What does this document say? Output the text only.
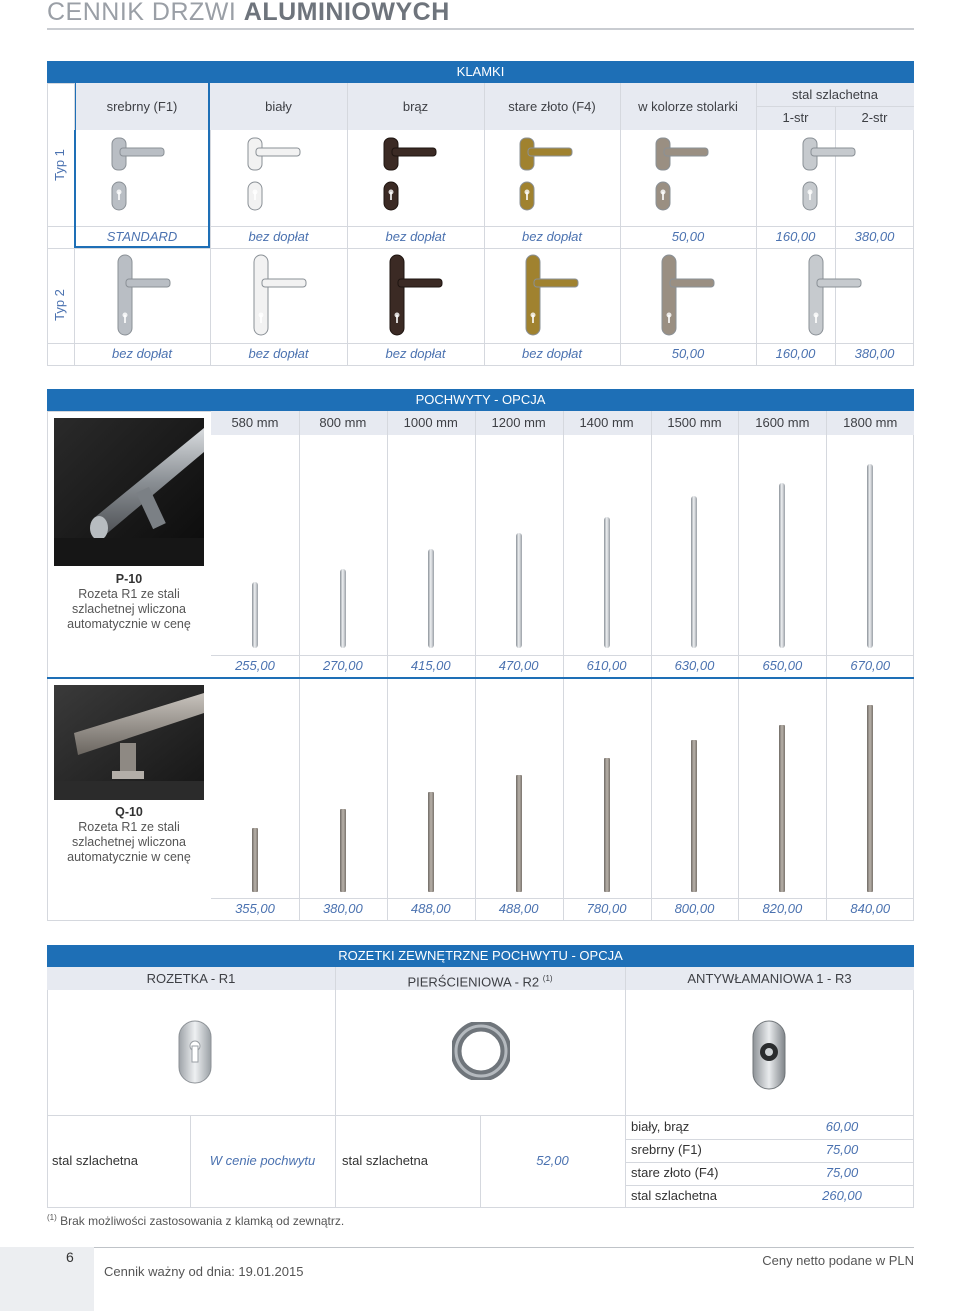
CENNIK DRZWI ALUMINIOWYCH
KLAMKI
srebrny (F1)	biały	brąz	stare złoto (F4)	w kolorze stolarki
stal szlachetna
1-str	2-str
Typ 1
Typ 2
STANDARD	bez dopłat	bez dopłat	bez dopłat	50,00	160,00	380,00
bez dopłat	bez dopłat	bez dopłat	bez dopłat	50,00	160,00	380,00
POCHWYTY - OPCJA
580 mm	800 mm	1000 mm	1200 mm	1400 mm	1500 mm	1600 mm	1800 mm
255,00	270,00	415,00	470,00	610,00	630,00	650,00	670,00
355,00	380,00	488,00	488,00	780,00	800,00	820,00	840,00
P-10
Rozeta R1 ze stali
szlachetnej wliczona
automatycznie w cenę
Q-10
Rozeta R1 ze stali
szlachetnej wliczona
automatycznie w cenę
ROZETKI ZEWNĘTRZNE POCHWYTU - OPCJA
ROZETKA - R1	PIERŚCIENIOWA - R2 $^{(1)}$	ANTYWŁAMANIOWA 1 - R3
stal szlachetna	W cenie pochwytu	stal szlachetna	52,00
biały, brąz	60,00
srebrny (F1)	75,00
stare złoto (F4)	75,00
stal szlachetna	260,00
$^{(1)}$ Brak możliwości zastosowania z klamką od zewnątrz.
6
Cennik ważny od dnia: 19.01.2015
Ceny netto podane w PLN
